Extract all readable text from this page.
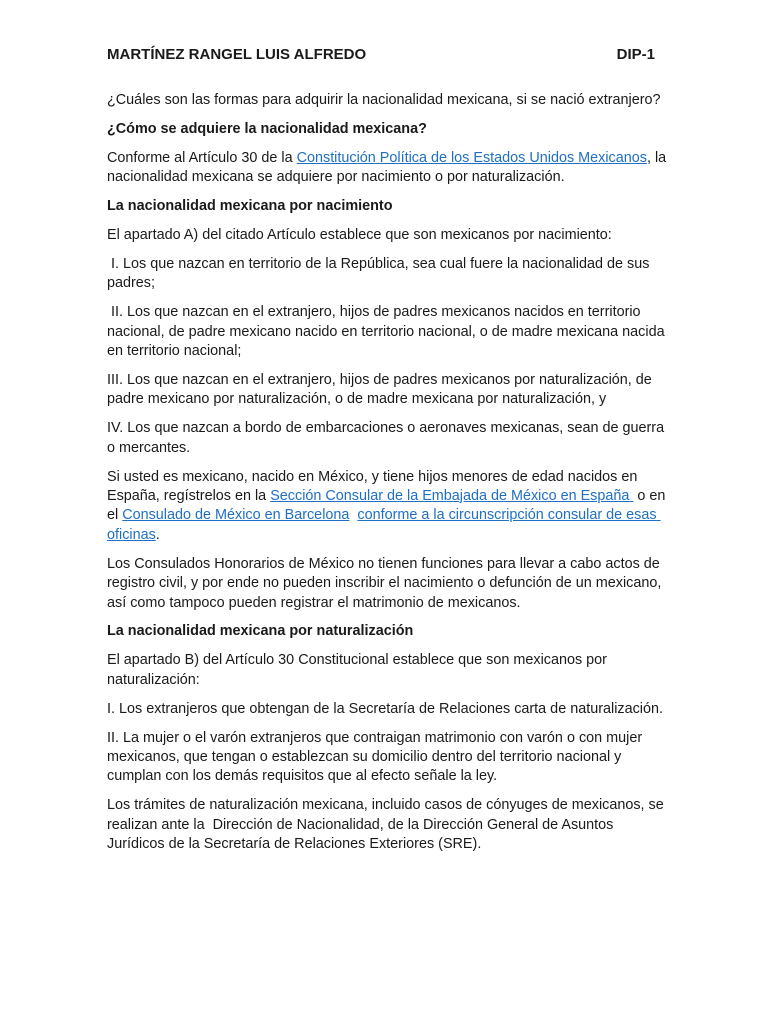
MARTÍNEZ RANGEL LUIS ALFREDO	DIP-1

¿Cuáles son las formas para adquirir la nacionalidad mexicana, si se nació extranjero?

¿Cómo se adquiere la nacionalidad mexicana?

Conforme al Artículo 30 de la Constitución Política de los Estados Unidos Mexicanos, la nacionalidad mexicana se adquiere por nacimiento o por naturalización.

La nacionalidad mexicana por nacimiento

El apartado A) del citado Artículo establece que son mexicanos por nacimiento:

I. Los que nazcan en territorio de la República, sea cual fuere la nacionalidad de sus padres;

II. Los que nazcan en el extranjero, hijos de padres mexicanos nacidos en territorio nacional, de padre mexicano nacido en territorio nacional, o de madre mexicana nacida en territorio nacional;

III. Los que nazcan en el extranjero, hijos de padres mexicanos por naturalización, de padre mexicano por naturalización, o de madre mexicana por naturalización, y

IV. Los que nazcan a bordo de embarcaciones o aeronaves mexicanas, sean de guerra o mercantes.

Si usted es mexicano, nacido en México, y tiene hijos menores de edad nacidos en España, regístrelos en la Sección Consular de la Embajada de México en España  o en el Consulado de México en Barcelona conforme a la circunscripción consular de esas oficinas.

Los Consulados Honorarios de México no tienen funciones para llevar a cabo actos de registro civil, y por ende no pueden inscribir el nacimiento o defunción de un mexicano, así como tampoco pueden registrar el matrimonio de mexicanos.

La nacionalidad mexicana por naturalización

El apartado B) del Artículo 30 Constitucional establece que son mexicanos por naturalización:

I. Los extranjeros que obtengan de la Secretaría de Relaciones carta de naturalización.

II. La mujer o el varón extranjeros que contraigan matrimonio con varón o con mujer mexicanos, que tengan o establezcan su domicilio dentro del territorio nacional y cumplan con los demás requisitos que al efecto señale la ley.

Los trámites de naturalización mexicana, incluido casos de cónyuges de mexicanos, se realizan ante la  Dirección de Nacionalidad, de la Dirección General de Asuntos Jurídicos de la Secretaría de Relaciones Exteriores (SRE).
